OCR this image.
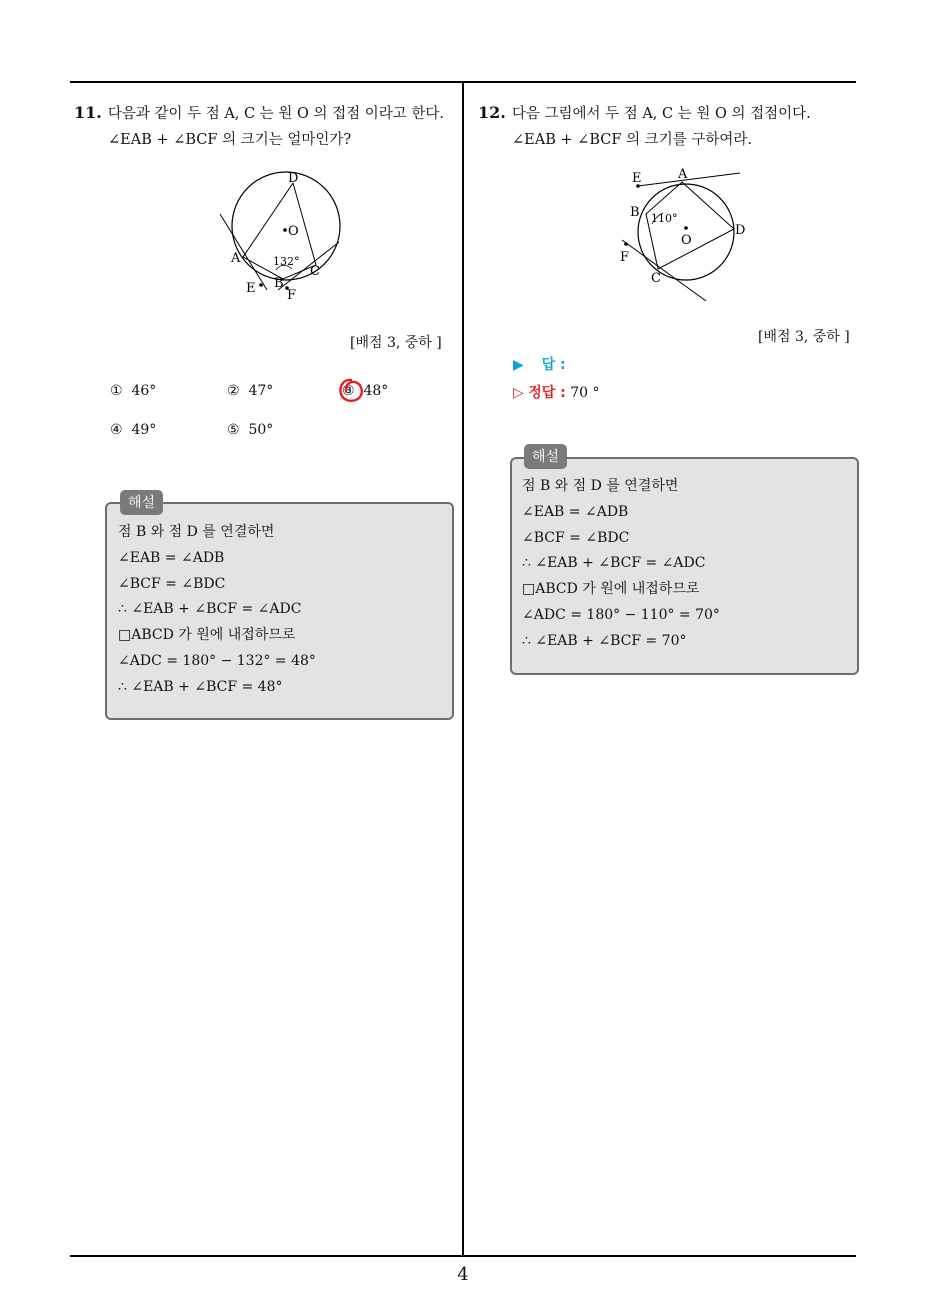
11. 다음과 같이 두 점 A, C 는 원 O 의 접점 이라고 한다.
∠EAB + ∠BCF 의 크기는 얼마인가?
D
O
A	132°
C
E B
F
[배점 3, 중하 ]
① 46°	② 47°	③ 48°
④ 49°	⑤ 50°
해설
점 B 와 점 D 를 연결하면
∠EAB = ∠ADB
∠BCF = ∠BDC
∴ ∠EAB + ∠BCF = ∠ADC
□ABCD 가 원에 내접하므로
∠ADC = 180° − 132° = 48°
∴ ∠EAB + ∠BCF = 48°
12. 다음 그림에서 두 점 A, C 는 원 O 의 접점이다.
∠EAB + ∠BCF 의 크기를 구하여라.
E	A
B 110°
D
O
F
C
[배점 3, 중하 ]
▶ 답 :
▷ 정답 : 70 °
해설
점 B 와 점 D 를 연결하면
∠EAB = ∠ADB
∠BCF = ∠BDC
∴ ∠EAB + ∠BCF = ∠ADC
□ABCD 가 원에 내접하므로
∠ADC = 180° − 110° = 70°
∴ ∠EAB + ∠BCF = 70°
4
